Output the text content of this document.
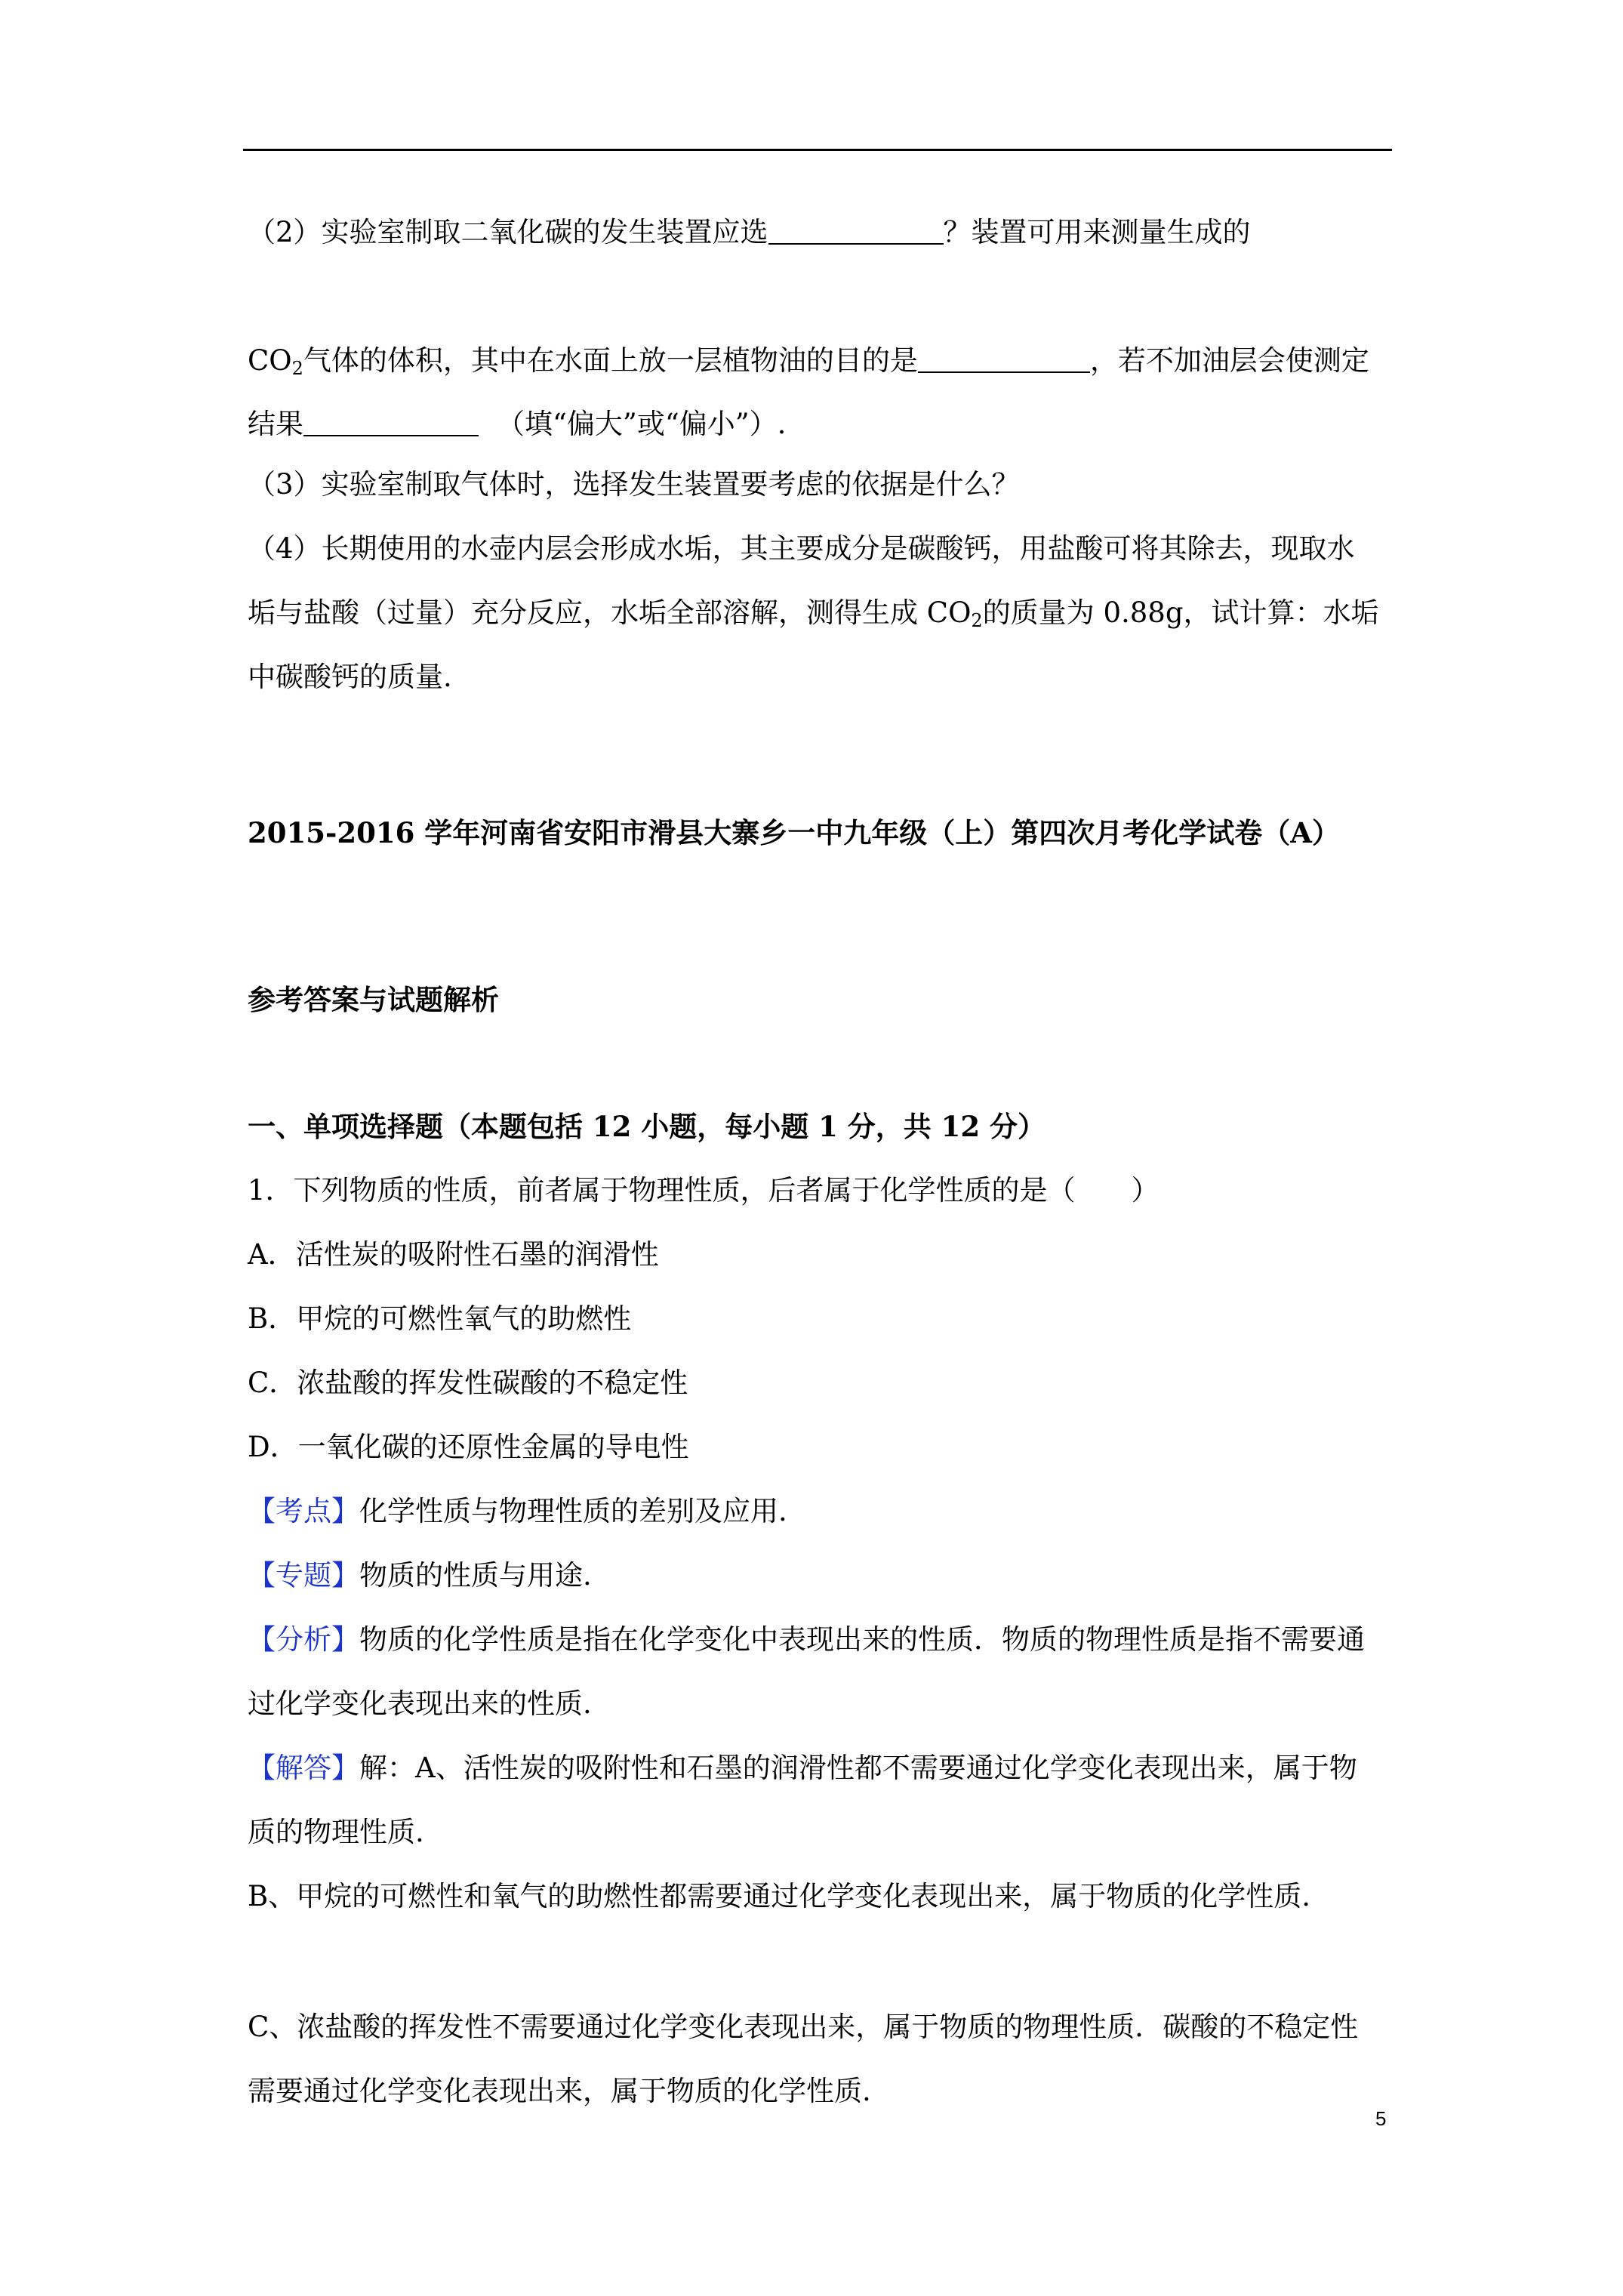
（2）实验室制取二氧化碳的发生装置应选	？装置可用来测量生成的
$CO_2$气体的体积，其中在水面上放一层植物油的目的是	，若不加油层会使测定
结果	（填“偏大”或“偏小”）.
（3）实验室制取气体时，选择发生装置要考虑的依据是什么？
（4）长期使用的水壶内层会形成水垢，其主要成分是碳酸钙，用盐酸可将其除去，现取水
垢与盐酸（过量）充分反应，水垢全部溶解，测得生成 $CO_2$的质量为 0.88g，试计算：水垢
中碳酸钙的质量.
2015-2016 学年河南省安阳市滑县大寨乡一中九年级（上）第四次月考化学试卷（A）
参考答案与试题解析
一、单项选择题（本题包括 12 小题，每小题 1 分，共 12 分）
1．下列物质的性质，前者属于物理性质，后者属于化学性质的是（　　）
A．活性炭的吸附性石墨的润滑性
B．甲烷的可燃性氧气的助燃性
C．浓盐酸的挥发性碳酸的不稳定性
D．一氧化碳的还原性金属的导电性
【考点】化学性质与物理性质的差别及应用.
【专题】物质的性质与用途.
【分析】物质的化学性质是指在化学变化中表现出来的性质．物质的物理性质是指不需要通
过化学变化表现出来的性质.
【解答】解：A、活性炭的吸附性和石墨的润滑性都不需要通过化学变化表现出来，属于物
质的物理性质.
B、甲烷的可燃性和氧气的助燃性都需要通过化学变化表现出来，属于物质的化学性质.
C、浓盐酸的挥发性不需要通过化学变化表现出来，属于物质的物理性质．碳酸的不稳定性
需要通过化学变化表现出来，属于物质的化学性质.
5
